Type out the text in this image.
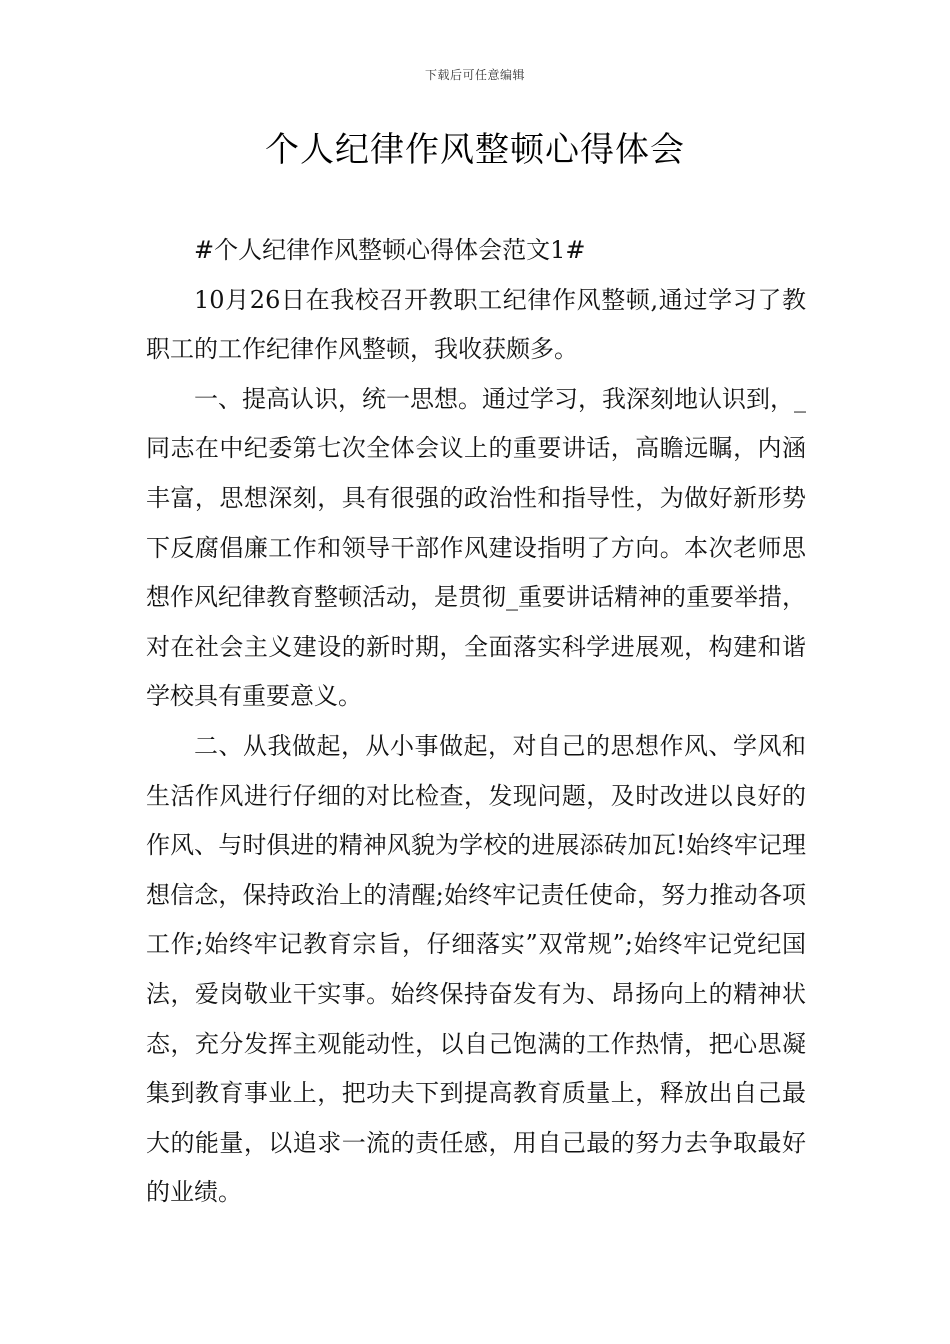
下载后可任意编辑
个人纪律作风整顿心得体会

#个人纪律作风整顿心得体会范文1#

10月26日在我校召开教职工纪律作风整顿,通过学习了教职工的工作纪律作风整顿，我收获颇多。

一、提高认识，统一思想。通过学习，我深刻地认识到，_同志在中纪委第七次全体会议上的重要讲话，高瞻远瞩，内涵丰富，思想深刻，具有很强的政治性和指导性，为做好新形势下反腐倡廉工作和领导干部作风建设指明了方向。本次老师思想作风纪律教育整顿活动，是贯彻_重要讲话精神的重要举措，对在社会主义建设的新时期，全面落实科学进展观，构建和谐学校具有重要意义。

二、从我做起，从小事做起，对自己的思想作风、学风和生活作风进行仔细的对比检查，发现问题，及时改进以良好的作风、与时俱进的精神风貌为学校的进展添砖加瓦!始终牢记理想信念，保持政治上的清醒;始终牢记责任使命，努力推动各项工作;始终牢记教育宗旨，仔细落实”双常规”;始终牢记党纪国法，爱岗敬业干实事。始终保持奋发有为、昂扬向上的精神状态，充分发挥主观能动性，以自己饱满的工作热情，把心思凝集到教育事业上，把功夫下到提高教育质量上，释放出自己最大的能量，以追求一流的责任感，用自己最的努力去争取最好的业绩。
